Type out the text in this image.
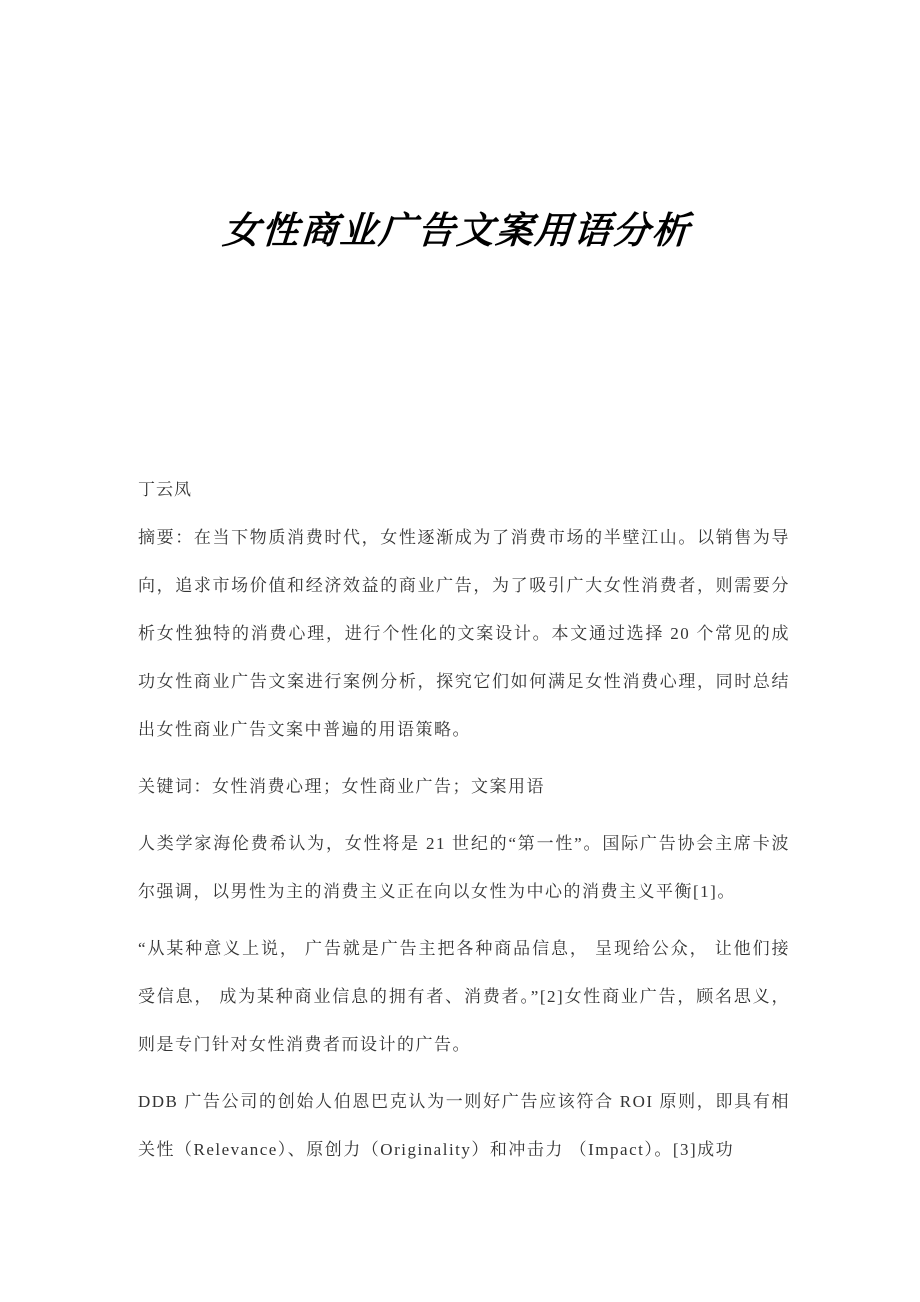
女性商业广告文案用语分析

丁云凤

摘要：在当下物质消费时代，女性逐渐成为了消费市场的半壁江山。以销售为导向，追求市场价值和经济效益的商业广告，为了吸引广大女性消费者，则需要分析女性独特的消费心理，进行个性化的文案设计。本文通过选择 20 个常见的成功女性商业广告文案进行案例分析，探究它们如何满足女性消费心理，同时总结出女性商业广告文案中普遍的用语策略。

关键词：女性消费心理；女性商业广告；文案用语

人类学家海伦费希认为，女性将是 21 世纪的“第一性”。国际广告协会主席卡波尔强调，以男性为主的消费主义正在向以女性为中心的消费主义平衡[1]。

“从某种意义上说， 广告就是广告主把各种商品信息， 呈现给公众， 让他们接受信息， 成为某种商业信息的拥有者、消费者。”[2]女性商业广告，顾名思义，则是专门针对女性消费者而设计的广告。

DDB 广告公司的创始人伯恩巴克认为一则好广告应该符合 ROI 原则，即具有相关性（Relevance）、原创力（Originality）和冲击力 （Impact）。[3]成功
